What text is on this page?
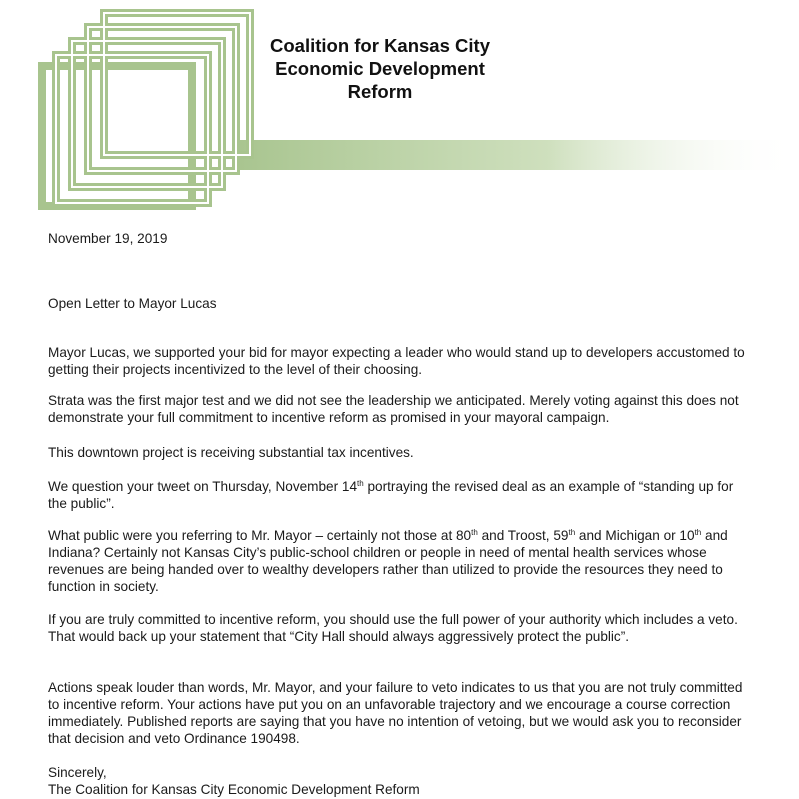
Coalition for Kansas City
Economic Development
Reform
November 19, 2019
Open Letter to Mayor Lucas

Mayor Lucas, we supported your bid for mayor expecting a leader who would stand up to developers accustomed to getting their projects incentivized to the level of their choosing.

Strata was the first major test and we did not see the leadership we anticipated. Merely voting against this does not demonstrate your full commitment to incentive reform as promised in your mayoral campaign.

This downtown project is receiving substantial tax incentives.

We question your tweet on Thursday, November 14th portraying the revised deal as an example of “standing up for the public”.

What public were you referring to Mr. Mayor – certainly not those at 80th and Troost, 59th and Michigan or 10th and Indiana? Certainly not Kansas City’s public-school children or people in need of mental health services whose revenues are being handed over to wealthy developers rather than utilized to provide the resources they need to function in society.

If you are truly committed to incentive reform, you should use the full power of your authority which includes a veto. That would back up your statement that “City Hall should always aggressively protect the public”.

Actions speak louder than words, Mr. Mayor, and your failure to veto indicates to us that you are not truly committed to incentive reform. Your actions have put you on an unfavorable trajectory and we encourage a course correction immediately. Published reports are saying that you have no intention of vetoing, but we would ask you to reconsider that decision and veto Ordinance 190498.

Sincerely,
The Coalition for Kansas City Economic Development Reform
